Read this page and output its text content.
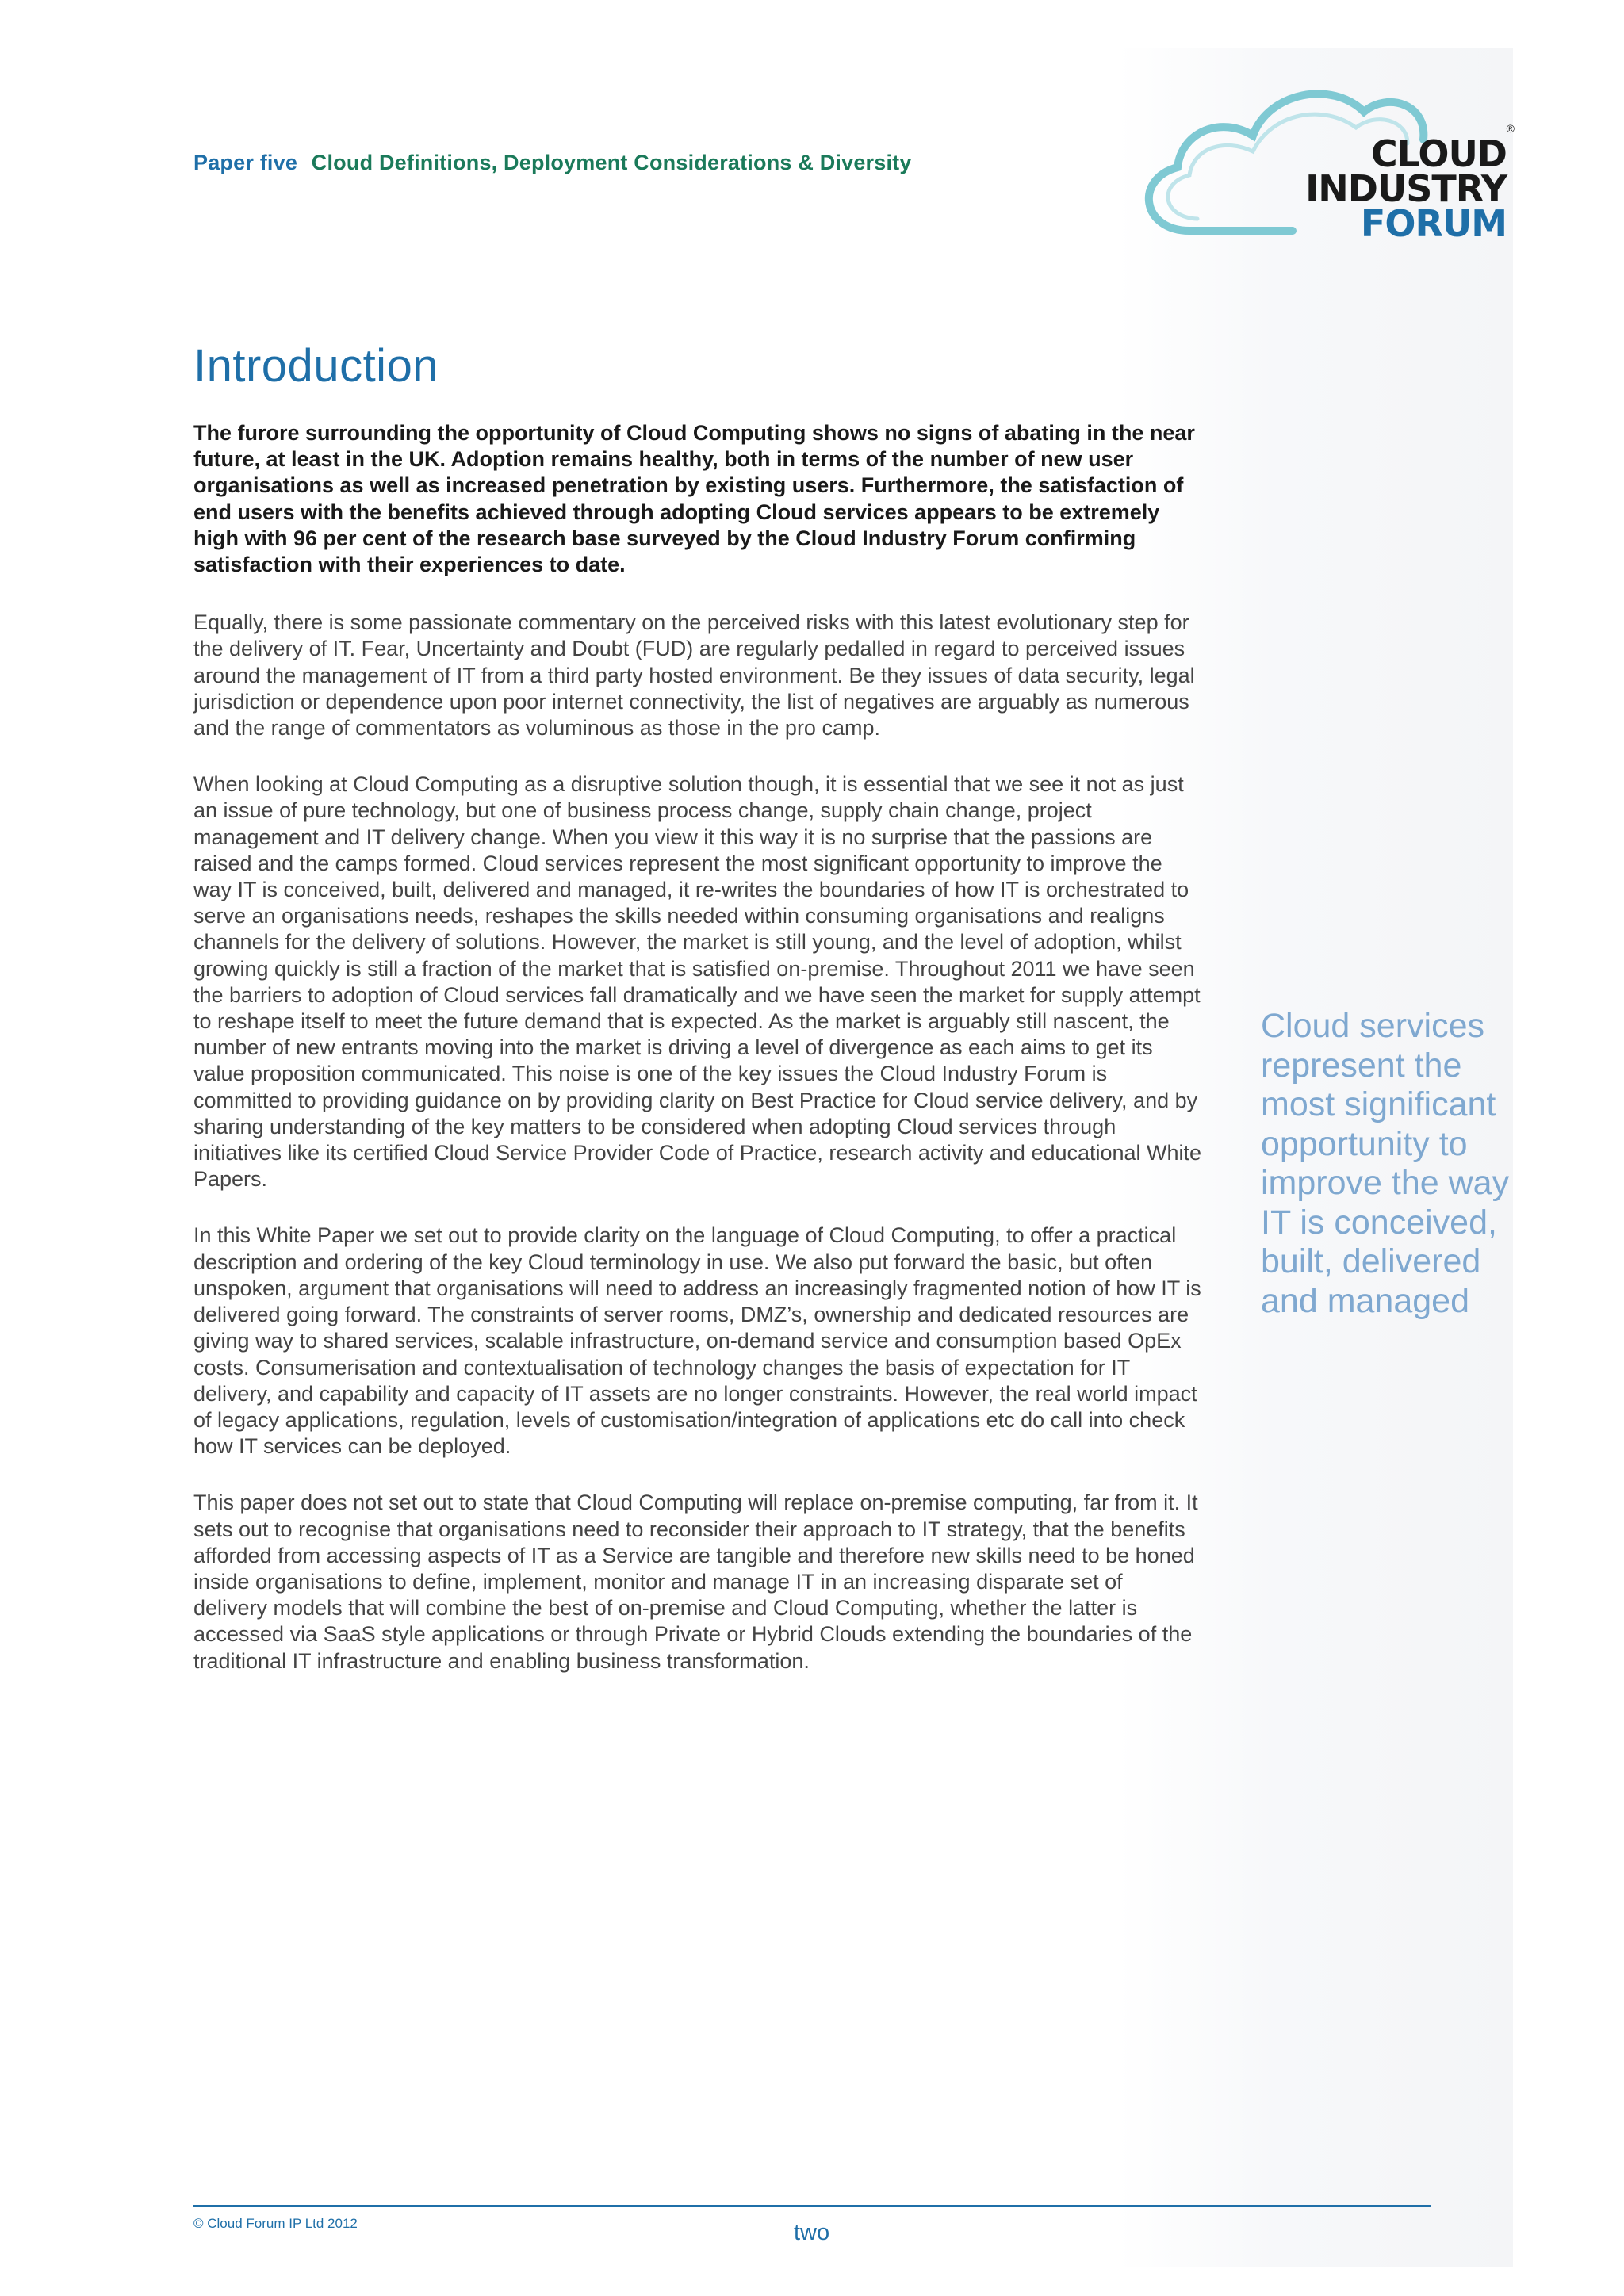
Paper five Cloud Definitions, Deployment Considerations & Diversity
®
CLOUD
INDUSTRY
FORUM
Introduction

The furore surrounding the opportunity of Cloud Computing shows no signs of abating in the near future, at least in the UK. Adoption remains healthy, both in terms of the number of new user organisations as well as increased penetration by existing users. Furthermore, the satisfaction of end users with the benefits achieved through adopting Cloud services appears to be extremely high with 96 per cent of the research base surveyed by the Cloud Industry Forum confirming satisfaction with their experiences to date.

Equally, there is some passionate commentary on the perceived risks with this latest evolutionary step for the delivery of IT. Fear, Uncertainty and Doubt (FUD) are regularly pedalled in regard to perceived issues around the management of IT from a third party hosted environment. Be they issues of data security, legal jurisdiction or dependence upon poor internet connectivity, the list of negatives are arguably as numerous and the range of commentators as voluminous as those in the pro camp.

When looking at Cloud Computing as a disruptive solution though, it is essential that we see it not as just an issue of pure technology, but one of business process change, supply chain change, project management and IT delivery change. When you view it this way it is no surprise that the passions are raised and the camps formed. Cloud services represent the most significant opportunity to improve the way IT is conceived, built, delivered and managed, it re-writes the boundaries of how IT is orchestrated to serve an organisations needs, reshapes the skills needed within consuming organisations and realigns channels for the delivery of solutions. However, the market is still young, and the level of adoption, whilst growing quickly is still a fraction of the market that is satisfied on-premise. Throughout 2011 we have seen the barriers to adoption of Cloud services fall dramatically and we have seen the market for supply attempt to reshape itself to meet the future demand that is expected. As the market is arguably still nascent, the number of new entrants moving into the market is driving a level of divergence as each aims to get its value proposition communicated. This noise is one of the key issues the Cloud Industry Forum is committed to providing guidance on by providing clarity on Best Practice for Cloud service delivery, and by sharing understanding of the key matters to be considered when adopting Cloud services through initiatives like its certified Cloud Service Provider Code of Practice, research activity and educational White Papers.

In this White Paper we set out to provide clarity on the language of Cloud Computing, to offer a practical description and ordering of the key Cloud terminology in use. We also put forward the basic, but often unspoken, argument that organisations will need to address an increasingly fragmented notion of how IT is delivered going forward. The constraints of server rooms, DMZ’s, ownership and dedicated resources are giving way to shared services, scalable infrastructure, on-demand service and consumption based OpEx costs. Consumerisation and contextualisation of technology changes the basis of expectation for IT delivery, and capability and capacity of IT assets are no longer constraints. However, the real world impact of legacy applications, regulation, levels of customisation/integration of applications etc do call into check how IT services can be deployed.

This paper does not set out to state that Cloud Computing will replace on-premise computing, far from it. It sets out to recognise that organisations need to reconsider their approach to IT strategy, that the benefits afforded from accessing aspects of IT as a Service are tangible and therefore new skills need to be honed inside organisations to define, implement, monitor and manage IT in an increasing disparate set of delivery models that will combine the best of on-premise and Cloud Computing, whether the latter is accessed via SaaS style applications or through Private or Hybrid Clouds extending the boundaries of the traditional IT infrastructure and enabling business transformation.

Cloud services represent the most significant opportunity to improve the way IT is conceived, built, delivered and managed
© Cloud Forum IP Ltd 2012	two
